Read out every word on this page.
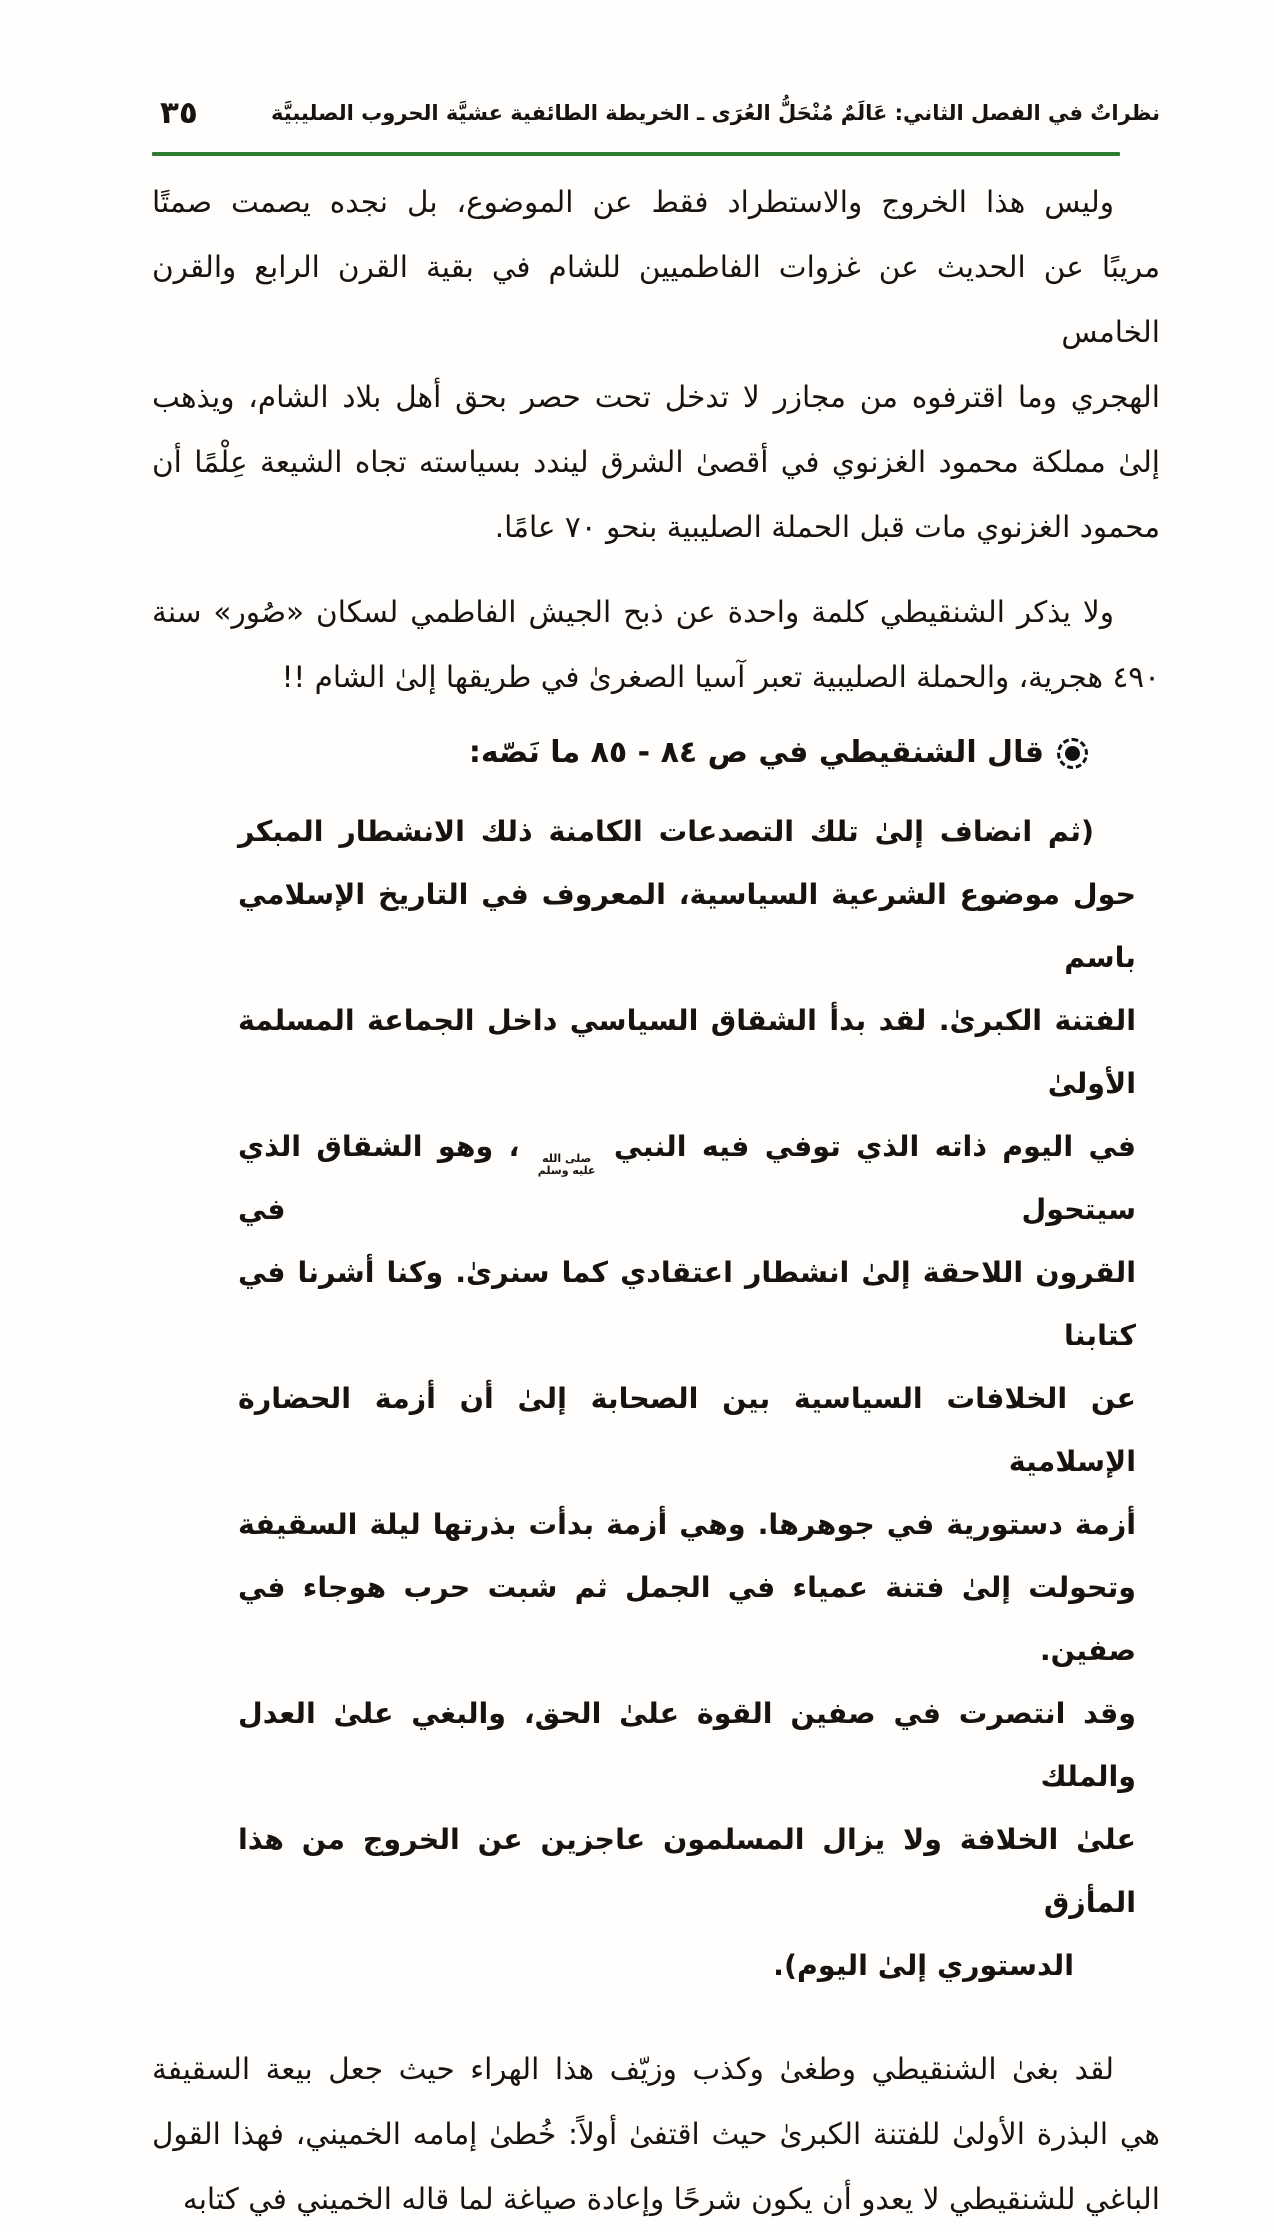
نظراتٌ في الفصل الثاني: عَالَمٌ مُنْحَلُّ العُرَى ـ الخريطة الطائفية عشيَّة الحروب الصليبيَّة
٣٥
وليس هذا الخروج والاستطراد فقط عن الموضوع، بل نجده يصمت صمتًا
مريبًا عن الحديث عن غزوات الفاطميين للشام في بقية القرن الرابع والقرن الخامس
الهجري وما اقترفوه من مجازر لا تدخل تحت حصر بحق أهل بلاد الشام، ويذهب
إلىٰ مملكة محمود الغزنوي في أقصىٰ الشرق ليندد بسياسته تجاه الشيعة عِلْمًا أن
محمود الغزنوي مات قبل الحملة الصليبية بنحو ٧٠ عامًا.
ولا يذكر الشنقيطي كلمة واحدة عن ذبح الجيش الفاطمي لسكان «صُور» سنة
٤٩٠ هجرية، والحملة الصليبية تعبر آسيا الصغرىٰ في طريقها إلىٰ الشام !!
قال الشنقيطي في ص ٨٤ - ٨٥ ما نَصّه:
(ثم انضاف إلىٰ تلك التصدعات الكامنة ذلك الانشطار المبكر
حول موضوع الشرعية السياسية، المعروف في التاريخ الإسلامي باسم
الفتنة الكبرىٰ. لقد بدأ الشقاق السياسي داخل الجماعة المسلمة الأولىٰ
في اليوم ذاته الذي توفي فيه النبي
صلى الله
عليه وسلم
، وهو الشقاق الذي سيتحول في
القرون اللاحقة إلىٰ انشطار اعتقادي كما سنرىٰ. وكنا أشرنا في كتابنا
عن الخلافات السياسية بين الصحابة إلىٰ أن أزمة الحضارة الإسلامية
أزمة دستورية في جوهرها. وهي أزمة بدأت بذرتها ليلة السقيفة
وتحولت إلىٰ فتنة عمياء في الجمل ثم شبت حرب هوجاء في صفين.
وقد انتصرت في صفين القوة علىٰ الحق، والبغي علىٰ العدل والملك
علىٰ الخلافة ولا يزال المسلمون عاجزين عن الخروج من هذا المأزق
الدستوري إلىٰ اليوم).
لقد بغىٰ الشنقيطي وطغىٰ وكذب وزيّف هذا الهراء حيث جعل بيعة السقيفة
هي البذرة الأولىٰ للفتنة الكبرىٰ حيث اقتفىٰ أولاً: خُطىٰ إمامه الخميني، فهذا القول
الباغي للشنقيطي لا يعدو أن يكون شرحًا وإعادة صياغة لما قاله الخميني في كتابه
